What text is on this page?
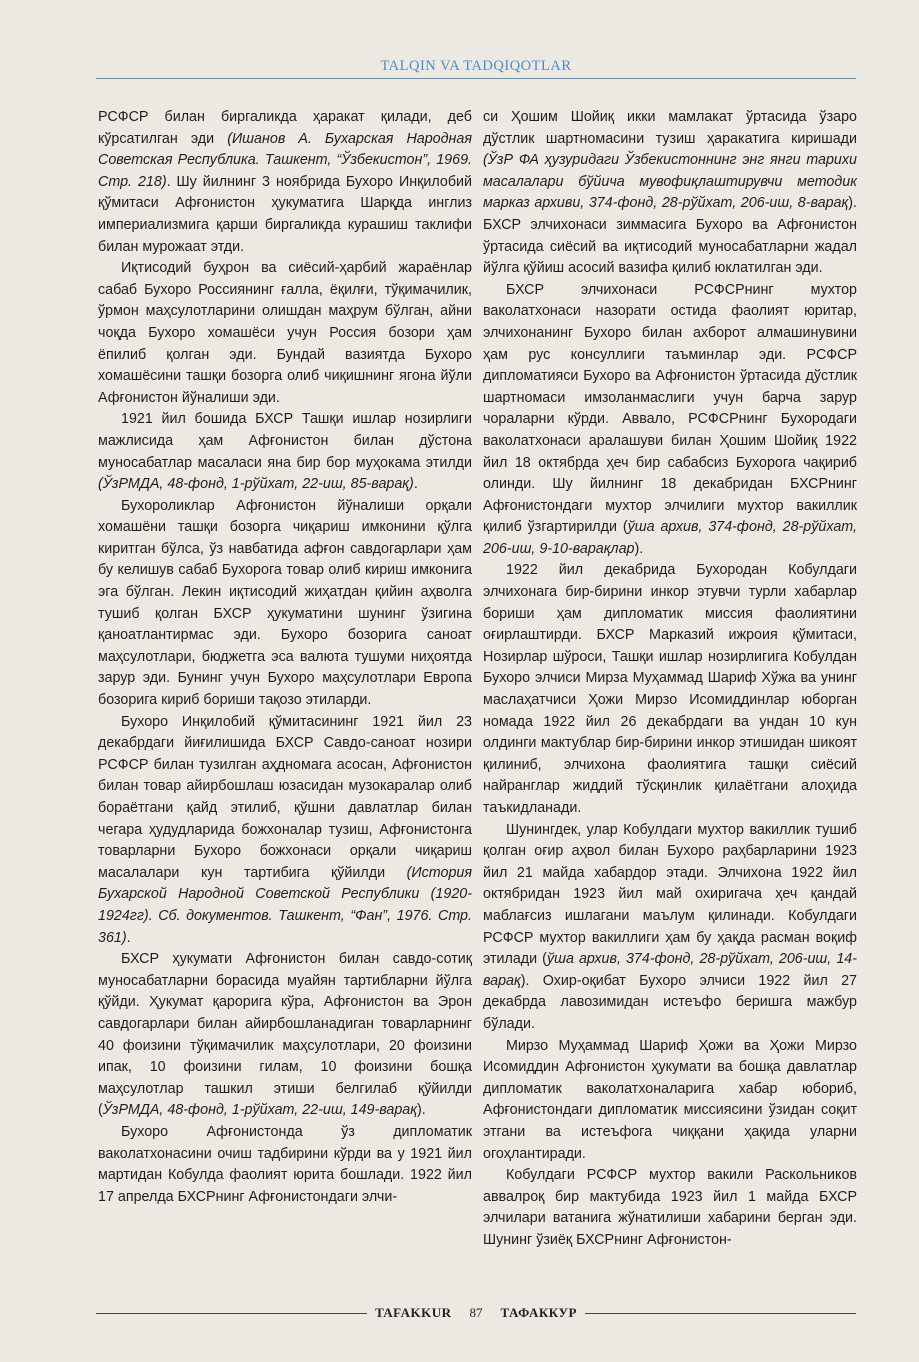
TALQIN VA TADQIQOTLAR

РСФСР билан биргаликда ҳаракат қилади, деб кўрсатилган эди (Ишанов А. Бухарская Народная Советская Республика. Ташкент, “Ўзбекистон”, 1969. Стр. 218). Шу йилнинг 3 ноябрида Бухоро Инқилобий қўмитаси Афғонистон ҳукуматига Шарқда инглиз империализмига қарши биргаликда курашиш таклифи билан мурожаат этди.

Иқтисодий буҳрон ва сиёсий-ҳарбий жараёнлар сабаб Бухоро Россиянинг ғалла, ёқилғи, тўқимачилик, ўрмон маҳсулотларини олишдан маҳрум бўлган, айни чоқда Бухоро хомашёси учун Россия бозори ҳам ёпилиб қолган эди. Бундай вазиятда Бухоро хомашёсини ташқи бозорга олиб чиқишнинг ягона йўли Афғонистон йўналиши эди.

1921 йил бошида БХСР Ташқи ишлар нозирлиги мажлисида ҳам Афғонистон билан дўстона муносабатлар масаласи яна бир бор муҳокама этилди (ЎзРМДА, 48-фонд, 1-рўйхат, 22-иш, 85-варақ).

Бухороликлар Афғонистон йўналиши орқали хомашёни ташқи бозорга чиқариш имконини қўлга киритган бўлса, ўз навбатида афғон савдогарлари ҳам бу келишув сабаб Бухорога товар олиб кириш имконига эга бўлган. Лекин иқтисодий жиҳатдан қийин аҳволга тушиб қолган БХСР ҳукуматини шунинг ўзигина қаноатлантирмас эди. Бухоро бозорига саноат маҳсулотлари, бюджетга эса валюта тушуми ниҳоятда зарур эди. Бунинг учун Бухоро маҳсулотлари Европа бозорига кириб бориши тақозо этиларди.

Бухоро Инқилобий қўмитасининг 1921 йил 23 декабрдаги йиғилишида БХСР Савдо-саноат нозири РСФСР билан тузилган аҳдномага асосан, Афғонистон билан товар айирбошлаш юзасидан музокаралар олиб бораётгани қайд этилиб, қўшни давлатлар билан чегара ҳудудларида божхоналар тузиш, Афғонистонга товарларни Бухоро божхонаси орқали чиқариш масалалари кун тартибига қўйилди (История Бухарской Народной Советской Республики (1920-1924гг). Сб. документов. Ташкент, “Фан”, 1976. Стр. 361).

БХСР ҳукумати Афғонистон билан савдо-сотиқ муносабатларни борасида муайян тартибларни йўлга қўйди. Ҳукумат қарорига кўра, Афғонистон ва Эрон савдогарлари билан айирбошланадиган товарларнинг 40 фоизини тўқимачилик маҳсулотлари, 20 фоизини ипак, 10 фоизини гилам, 10 фоизини бошқа маҳсулотлар ташкил этиши белгилаб қўйилди (ЎзРМДА, 48-фонд, 1-рўйхат, 22-иш, 149-варақ).

Бухоро Афғонистонда ўз дипломатик ваколатхонасини очиш тадбирини кўрди ва у 1921 йил мартидан Кобулда фаолият юрита бошлади. 1922 йил 17 апрелда БХСРнинг Афғонистондаги элчи-

си Ҳошим Шойиқ икки мамлакат ўртасида ўзаро дўстлик шартномасини тузиш ҳаракатига киришади (ЎзР ФА ҳузуридаги Ўзбекистоннинг энг янги тарихи масалалари бўйича мувофиқлаштирувчи методик марказ архиви, 374-фонд, 28-рўйхат, 206-иш, 8-варақ). БХСР элчихонаси зиммасига Бухоро ва Афғонистон ўртасида сиёсий ва иқтисодий муносабатларни жадал йўлга қўйиш асосий вазифа қилиб юклатилган эди.

БХСР элчихонаси РСФСРнинг мухтор ваколатхонаси назорати остида фаолият юритар, элчихонанинг Бухоро билан ахборот алмашинувини ҳам рус консуллиги таъминлар эди. РСФСР дипломатияси Бухоро ва Афғонистон ўртасида дўстлик шартномаси имзоланмаслиги учун барча зарур чораларни кўрди. Аввало, РСФСРнинг Бухородаги ваколатхонаси аралашуви билан Ҳошим Шойиқ 1922 йил 18 октябрда ҳеч бир сабабсиз Бухорога чақириб олинди. Шу йилнинг 18 декабридан БХСРнинг Афғонистондаги мухтор элчилиги мухтор вакиллик қилиб ўзгартирилди (ўша архив, 374-фонд, 28-рўйхат, 206-иш, 9-10-варақлар).

1922 йил декабрида Бухородан Кобулдаги элчихонага бир-бирини инкор этувчи турли хабарлар бориши ҳам дипломатик миссия фаолиятини оғирлаштирди. БХСР Марказий ижроия қўмитаси, Нозирлар шўроси, Ташқи ишлар нозирлигига Кобулдан Бухоро элчиси Мирза Муҳаммад Шариф Хўжа ва унинг маслаҳатчиси Ҳожи Мирзо Исомиддинлар юборган номада 1922 йил 26 декабрдаги ва ундан 10 кун олдинги мактублар бир-бирини инкор этишидан шикоят қилиниб, элчихона фаолиятига ташқи сиёсий найранглар жиддий тўсқинлик қилаётгани алоҳида таъкидланади.

Шунингдек, улар Кобулдаги мухтор вакиллик тушиб қолган оғир аҳвол билан Бухоро раҳбарларини 1923 йил 21 майда хабардор этади. Элчихона 1922 йил октябридан 1923 йил май охиригача ҳеч қандай маблағсиз ишлагани маълум қилинади. Кобулдаги РСФСР мухтор вакиллиги ҳам бу ҳақда расман воқиф этилади (ўша архив, 374-фонд, 28-рўйхат, 206-иш, 14-варақ). Охир-оқибат Бухоро элчиси 1922 йил 27 декабрда лавозимидан истеъфо беришга мажбур бўлади.

Мирзо Муҳаммад Шариф Ҳожи ва Ҳожи Мирзо Исомиддин Афғонистон ҳукумати ва бошқа давлатлар дипломатик ваколатхоналарига хабар юбориб, Афғонистондаги дипломатик миссиясини ўзидан соқит этгани ва истеъфога чиққани ҳақида уларни огоҳлантиради.

Кобулдаги РСФСР мухтор вакили Раскольников аввалроқ бир мактубида 1923 йил 1 майда БХСР элчилари ватанига жўнатилиши хабарини берган эди. Шунинг ўзиёқ БХСРнинг Афғонистон-

TAFAKKUR	87	ТАФАККУР
